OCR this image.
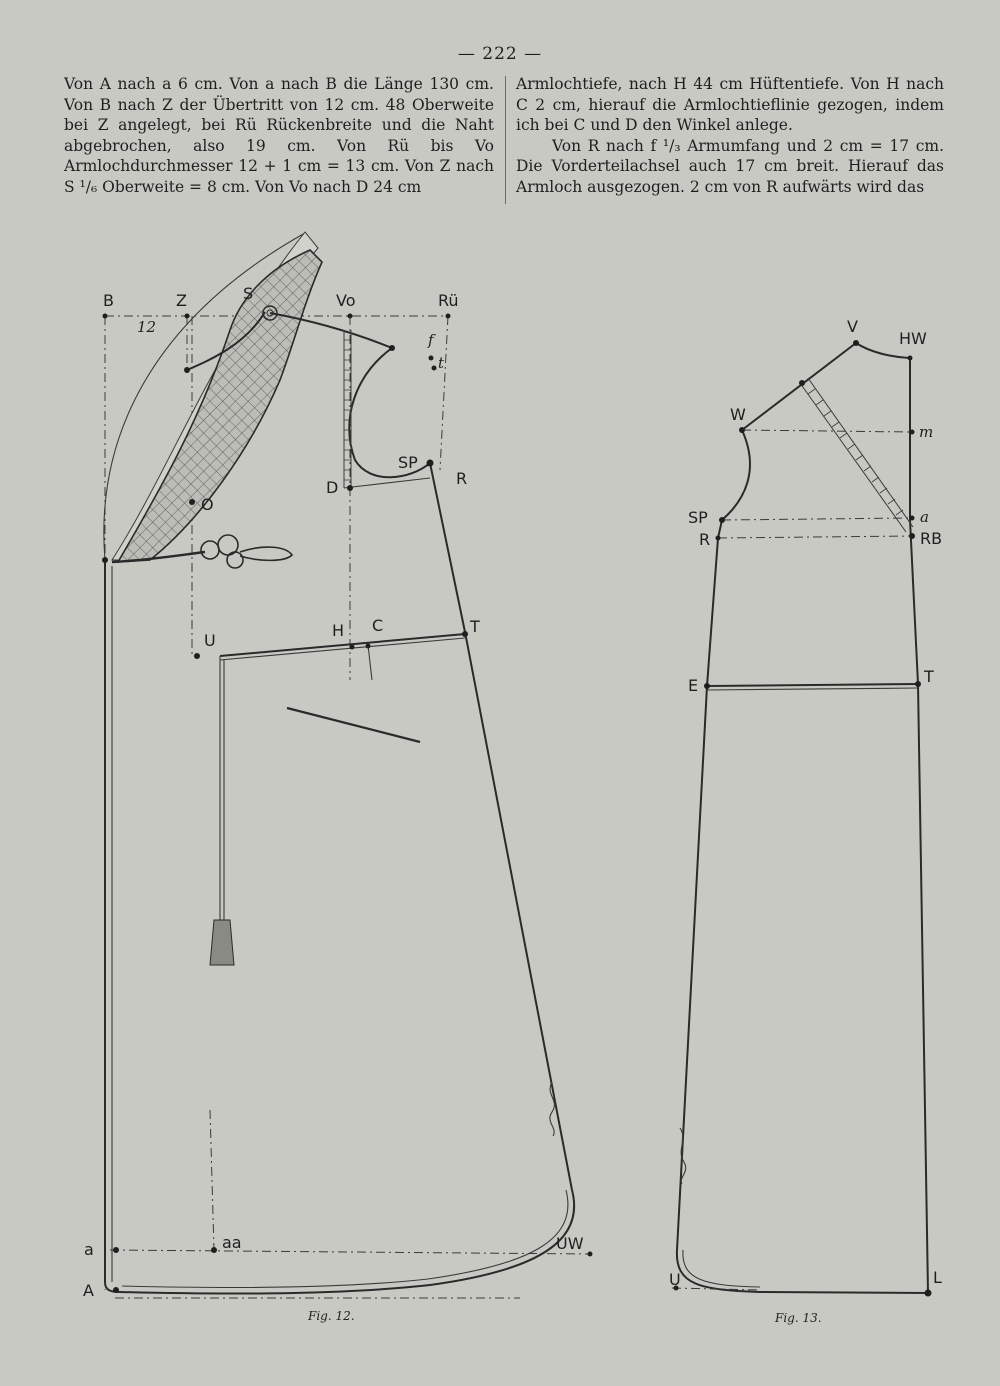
— 222 —

Von A nach a 6 cm. Von a nach B die Länge 130 cm. Von B nach Z der Übertritt von 12 cm. 48 Oberweite bei Z angelegt, bei Rü Rückenbreite und die Naht abgebrochen, also 19 cm. Von Rü bis Vo Armlochdurchmesser 12 + 1 cm = 13 cm. Von Z nach S ¹/₆ Oberweite = 8 cm. Von Vo nach D 24 cm

Armlochtiefe, nach H 44 cm Hüftentiefe. Von H nach C 2 cm, hierauf die Armlochtieflinie gezogen, indem ich bei C und D den Winkel anlege.

Von R nach f ¹/₃ Armumfang und 2 cm = 17 cm. Die Vorderteilachsel auch 17 cm breit. Hierauf das Armloch ausgezogen. 2 cm von R aufwärts wird das

B	Z
12
S	Vo	Rü
f
t
SP
R
D
O
U
H C	T
a	aa
A
UW
Fig. 12.
V
HW
W
m
SP	a
R	RB
E	T
U	L
Fig. 13.
